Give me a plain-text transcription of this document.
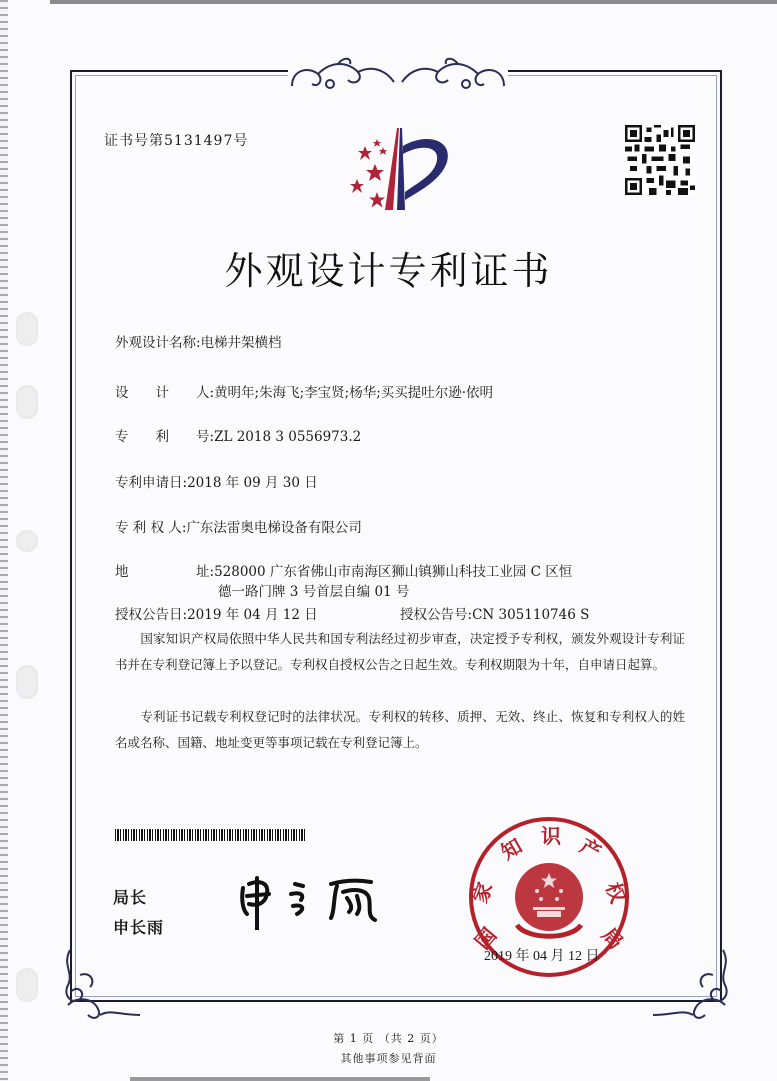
证书号第5131497号
外观设计专利证书
外观设计名称:电梯井架横档
设　　计　　人:黄明年;朱海飞;李宝贤;杨华;买买提吐尔逊·依明
专　　利　　号:ZL 2018 3 0556973.2
专利申请日:2018 年 09 月 30 日
专 利 权 人:广东法雷奥电梯设备有限公司
地　　　　　址:528000 广东省佛山市南海区狮山镇狮山科技工业园 C 区恒
德一路门牌 3 号首层自编 01 号
授权公告日:2019 年 04 月 12 日	授权公告号:CN 305110746 S
　　国家知识产权局依照中华人民共和国专利法经过初步审查，决定授予专利权，颁发外观设计专利证书并在专利登记簿上予以登记。专利权自授权公告之日起生效。专利权期限为十年，自申请日起算。
　　专利证书记载专利权登记时的法律状况。专利权的转移、质押、无效、终止、恢复和专利权人的姓名或名称、国籍、地址变更等事项记载在专利登记簿上。
局长
申长雨	国
家
知 识 产
权
局
2019 年 04 月 12 日
第 1 页 （共 2 页）
其他事项参见背面
